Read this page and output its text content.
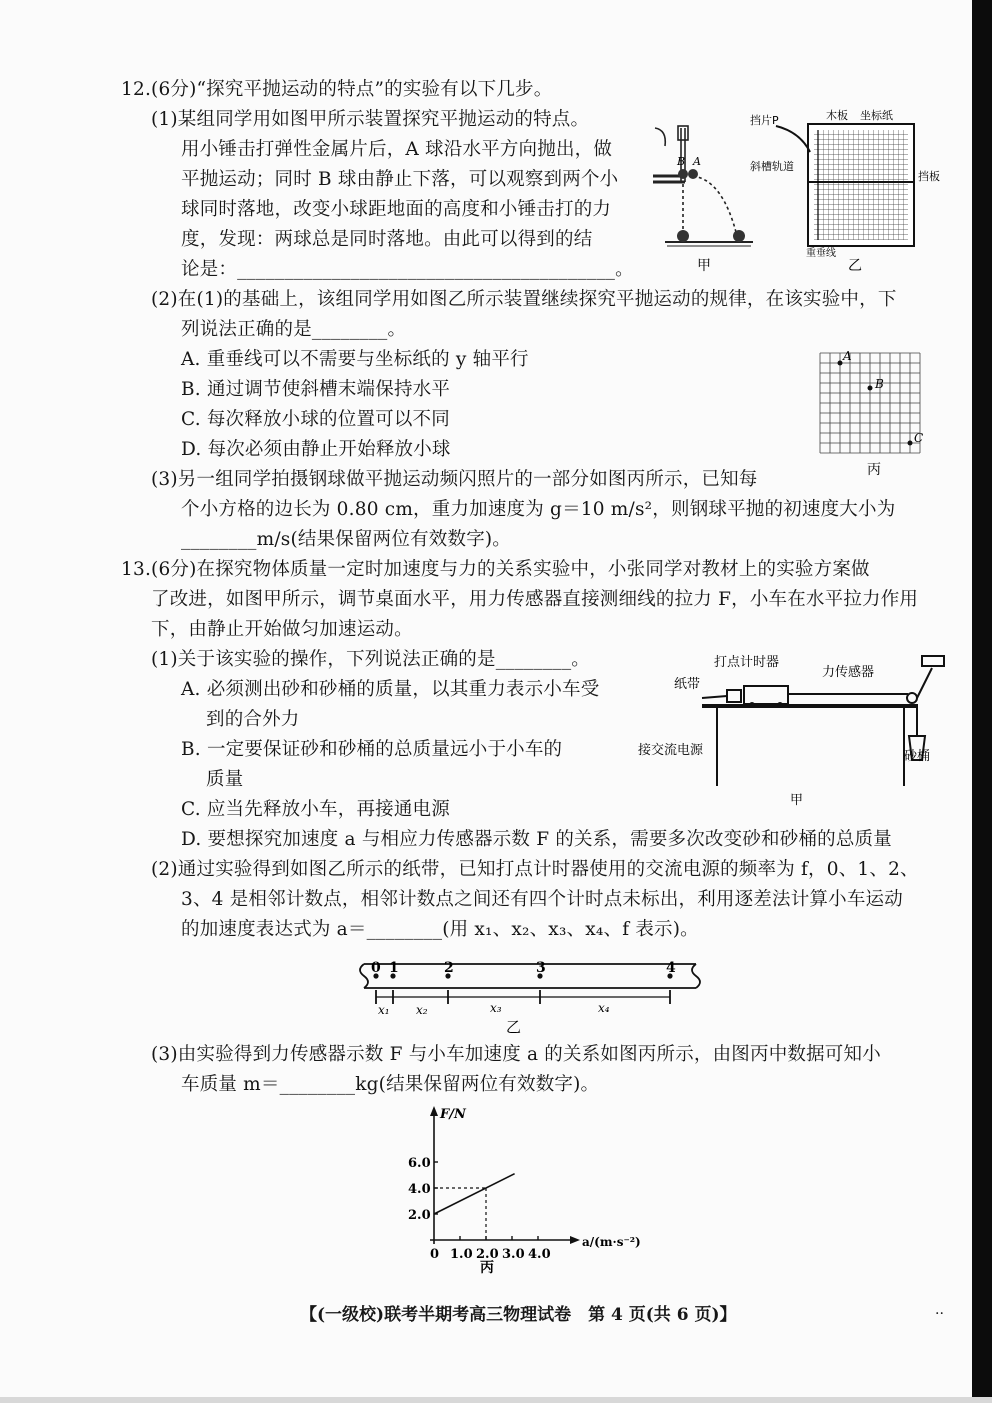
12.(6分)“探究平抛运动的特点”的实验有以下几步。
(1)某组同学用如图甲所示装置探究平抛运动的特点。
用小锤击打弹性金属片后，A 球沿水平方向抛出，做
平抛运动；同时 B 球由静止下落，可以观察到两个小
球同时落地，改变小球距地面的高度和小锤击打的力
度，发现：两球总是同时落地。由此可以得到的结
论是：________________________________________。
(2)在(1)的基础上，该组同学用如图乙所示装置继续探究平抛运动的规律，在该实验中，下
列说法正确的是________。
A. 重垂线可以不需要与坐标纸的 y 轴平行
B. 通过调节使斜槽末端保持水平
C. 每次释放小球的位置可以不同
D. 每次必须由静止开始释放小球
(3)另一组同学拍摄钢球做平抛运动频闪照片的一部分如图丙所示，已知每
个小方格的边长为 0.80 cm，重力加速度为 g＝10 m/s²，则钢球平抛的初速度大小为
________m/s(结果保留两位有效数字)。
B A
甲
挡片P	木板 坐标纸
斜槽轨道
挡板
重垂线
乙
A
B
C
丙
13.(6分)在探究物体质量一定时加速度与力的关系实验中，小张同学对教材上的实验方案做
了改进，如图甲所示，调节桌面水平，用力传感器直接测细线的拉力 F，小车在水平拉力作用
下，由静止开始做匀加速运动。
(1)关于该实验的操作，下列说法正确的是________。
A. 必须测出砂和砂桶的质量，以其重力表示小车受
到的合外力
B. 一定要保证砂和砂桶的总质量远小于小车的
质量
C. 应当先释放小车，再接通电源
D. 要想探究加速度 a 与相应力传感器示数 F 的关系，需要多次改变砂和砂桶的总质量
(2)通过实验得到如图乙所示的纸带，已知打点计时器使用的交流电源的频率为 f，0、1、2、
3、4 是相邻计数点，相邻计数点之间还有四个计时点未标出，利用逐差法计算小车运动
的加速度表达式为 a＝________(用 x₁、x₂、x₃、x₄、f 表示)。
打点计时器
力传感器
纸带
接交流电源	砂桶
甲
0 1	2	3	4
x₁ x₂	x₃	x₄
乙
(3)由实验得到力传感器示数 F 与小车加速度 a 的关系如图丙所示，由图丙中数据可知小
车质量 m＝________kg(结果保留两位有效数字)。
2.0
4.0
6.0
0 1.0 2.0 3.0 4.0
F/N
a/(m·s⁻²)
丙
【(一级校)联考半期考高三物理试卷　第 4 页(共 6 页)】	..
